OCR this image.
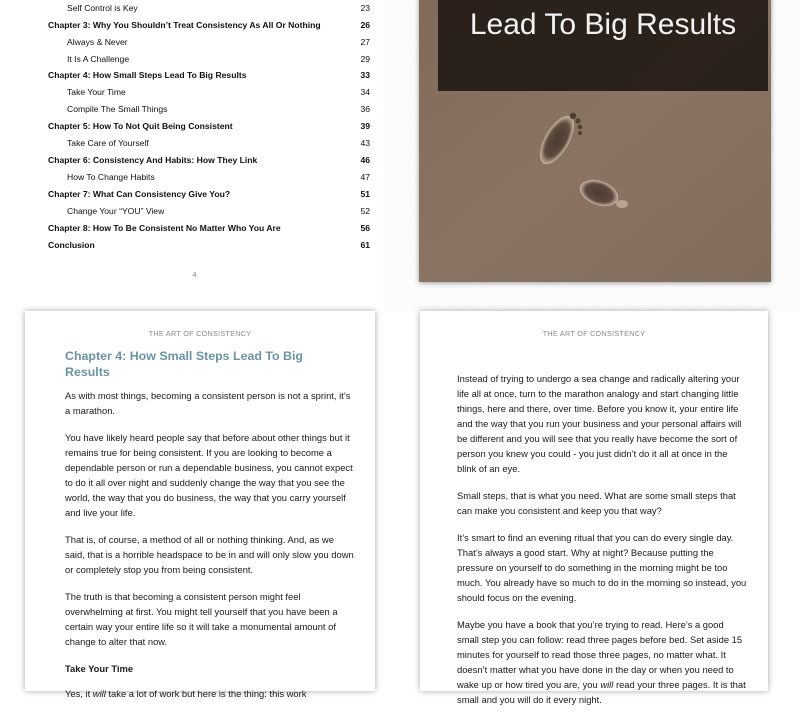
Self Control is Key	23
Chapter 3: Why You Shouldn’t Treat Consistency As All Or Nothing	26
Always & Never	27
It Is A Challenge	29
Chapter 4: How Small Steps Lead To Big Results	33
Take Your Time	34
Compile The Small Things	36
Chapter 5: How To Not Quit Being Consistent	39
Take Care of Yourself	43
Chapter 6: Consistency And Habits: How They Link	46
How To Change Habits	47
Chapter 7: What Can Consistency Give You?	51
Change Your “YOU” View	52
Chapter 8: How To Be Consistent No Matter Who You Are	56
Conclusion	61
4
Lead To Big Results
THE ART OF CONSISTENCY
Chapter 4: How Small Steps Lead To Big Results

As with most things, becoming a consistent person is not a sprint, it’s a marathon.

You have likely heard people say that before about other things but it remains true for being consistent. If you are looking to become a dependable person or run a dependable business, you cannot expect to do it all over night and suddenly change the way that you see the world, the way that you do business, the way that you carry yourself and live your life.

That is, of course, a method of all or nothing thinking. And, as we said, that is a horrible headspace to be in and will only slow you down or completely stop you from being consistent.

The truth is that becoming a consistent person might feel overwhelming at first. You might tell yourself that you have been a certain way your entire life so it will take a monumental amount of change to alter that now.

Take Your Time

Yes, it will take a lot of work but here is the thing: this work

THE ART OF CONSISTENCY

Instead of trying to undergo a sea change and radically altering your life all at once, turn to the marathon analogy and start changing little things, here and there, over time. Before you know it, your entire life and the way that you run your business and your personal affairs will be different and you will see that you really have become the sort of person you knew you could - you just didn’t do it all at once in the blink of an eye.

Small steps, that is what you need. What are some small steps that can make you consistent and keep you that way?

It’s smart to find an evening ritual that you can do every single day. That’s always a good start. Why at night? Because putting the pressure on yourself to do something in the morning might be too much. You already have so much to do in the morning so instead, you should focus on the evening.

Maybe you have a book that you’re trying to read. Here’s a good small step you can follow: read three pages before bed. Set aside 15 minutes for yourself to read those three pages, no matter what. It doesn’t matter what you have done in the day or when you need to wake up or how tired you are, you will read your three pages. It is that small and you will do it every night.
